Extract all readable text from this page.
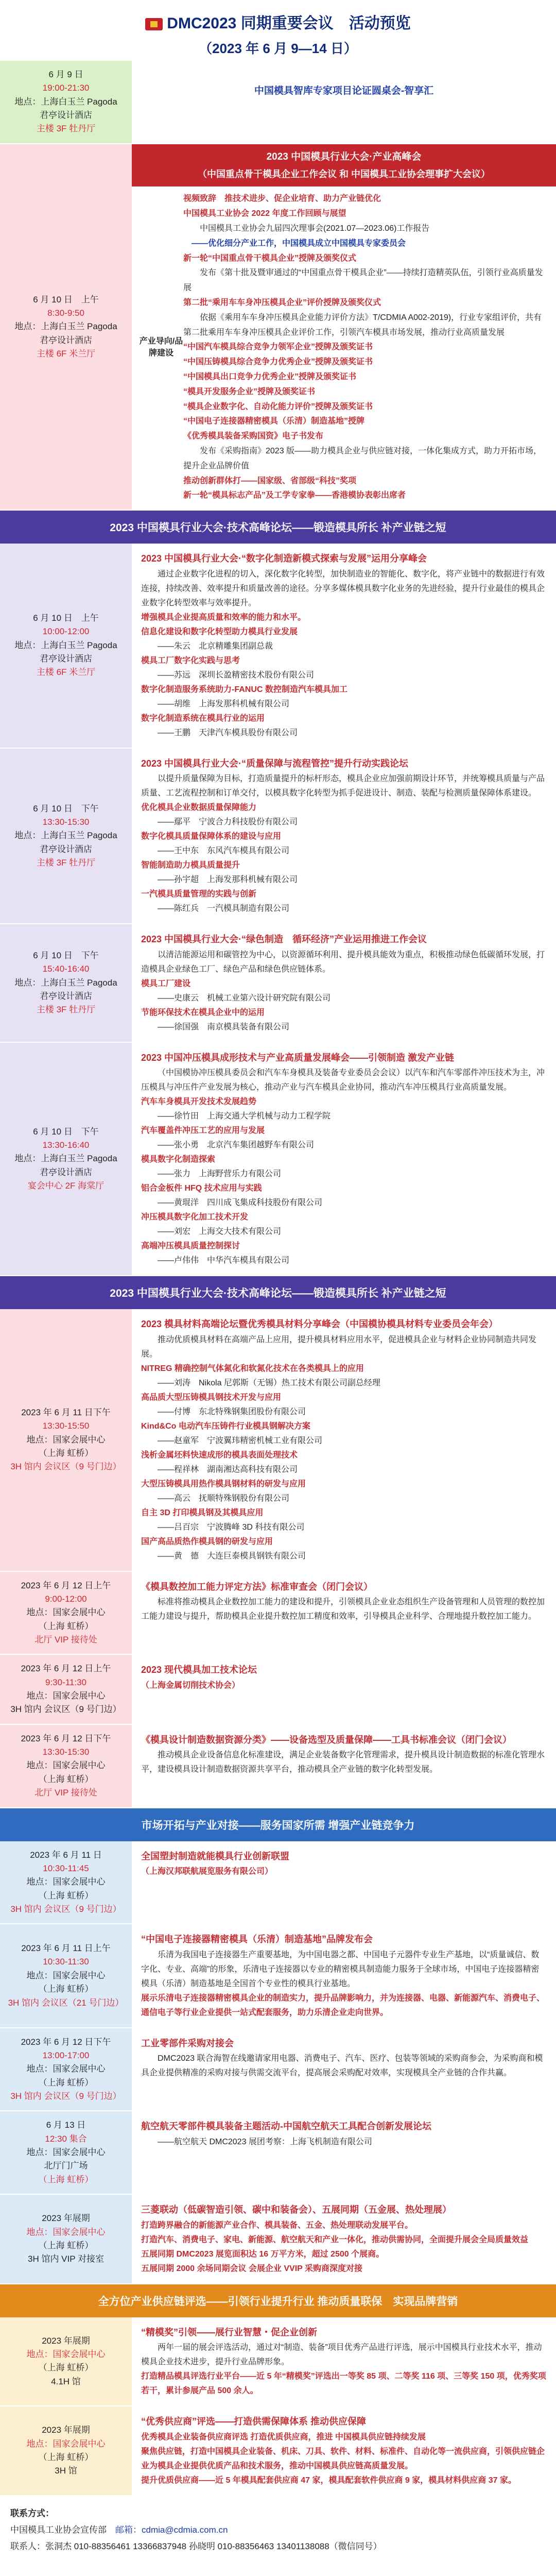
DMC2023 同期重要会议　活动预览
（2023 年 6 月 9—14 日）
6 月 9 日
19:00-21:30
地点：上海白玉兰 Pagoda
君亭设计酒店
主楼 3F 牡丹厅
中国模具智库专家项目论证圆桌会-智享汇
6 月 10 日　上午
8:30-9:50
地点：上海白玉兰 Pagoda
君亭设计酒店
主楼 6F 米兰厅
2023 中国模具行业大会·产业高峰会
（中国重点骨干模具企业工作会议 和 中国模具工业协会理事扩大会议）
产业导向/品牌建设
视频致辞　推技术进步、促企业培育、助力产业链优化
中国模具工业协会 2022 年度工作回顾与展望
中国模具工业协会九届四次理事会(2021.07—2023.06)工作报告
——优化细分产业工作，中国模具成立中国模具专家委员会
新一轮“中国重点骨干模具企业”授牌及颁奖仪式
发布《第十批及暨审通过的“中国重点骨干模具企业”——持续打造精英队伍，引领行业高质量发展
第二批“乘用车车身冲压模具企业”评价授牌及颁奖仪式
依据《乘用车车身冲压模具企业能力评价方法》T/CDMIA A002-2019)，行业专家组评价，共有第二批乘用车车身冲压模具企业评价工作，引领汽车模具市场发展，推动行业高质量发展
“中国汽车模具综合竞争力领军企业”授牌及颁奖证书
“中国压铸模具综合竞争力优秀企业”授牌及颁奖证书
“中国模具出口竞争力优秀企业”授牌及颁奖证书
“模具开发服务企业”授牌及颁奖证书
“模具企业数字化、自动化能力评价”授牌及颁奖证书
“中国电子连接器精密模具（乐清）制造基地”授牌
《优秀模具装备采购国资》电子书发布
发布《采购指南》2023 版——助力模具企业与供应链对接，一体化集成方式，助力开拓市场，提升企业品牌价值
推动创新群体打——国家级、省部级“科技”奖项
新一轮“模具标志产品”及工学专家拳——香港模协表彰出席者
2023 中国模具行业大会·技术高峰论坛——锻造模具所长 补产业链之短
6 月 10 日　上午
10:00-12:00
地点：上海白玉兰 Pagoda
君亭设计酒店
主楼 6F 米兰厅
2023 中国模具行业大会·“数字化制造新模式探索与发展”运用分享峰会
通过企业数字化进程的切入，深化数字化转型，加快制造业的智能化、数字化，将产业链中的数据进行有效连接，持续改善、效率提升和质量改善的途径。分享多媒体模具数字化业务的先进经验，提升行业最佳的模具企业数字化转型效率与效率提升。
增强模具企业提高质量和效率的能力和水平。
信息化建设和数字化转型助力模具行业发展
——朱云　北京精雕集团副总裁
模具工厂数字化实践与思考
——苏远　深圳长盈精密技术股份有限公司
数字化制造服务系统助力-FANUC 数控制造汽车模具加工
——胡维　上海发那科机械有限公司
数字化制造系统在模具行业的运用
——王鹏　天津汽车模具股份有限公司
6 月 10 日　下午
13:30-15:30
地点：上海白玉兰 Pagoda
君亭设计酒店
主楼 3F 牡丹厅
2023 中国模具行业大会·“质量保障与流程管控”提升行动实践论坛
以提升质量保障为目标，打造质量提升的标杆形态，模具企业应加强前期设计环节，并统筹模具质量与产品质量、工艺流程控制和订单交付，以模具数字化转型为抓手促进设计、制造、装配与检测质量保障体系建设。
优化模具企业数据质量保障能力
——鄢平　宁波合力科技股份有限公司
数字化模具质量保障体系的建设与应用
——王中东　东风汽车模具有限公司
智能制造助力模具质量提升
——孙宇超　上海发那科机械有限公司
一汽模具质量管理的实践与创新
——陈红兵　一汽模具制造有限公司
6 月 10 日　下午
15:40-16:40
地点：上海白玉兰 Pagoda
君亭设计酒店
主楼 3F 牡丹厅
2023 中国模具行业大会·“绿色制造　循环经济”产业运用推进工作会议
以清洁能源运用和碳管控为中心，以资源循环利用、提升模具能效为重点，积极推动绿色低碳循环发展，打造模具企业绿色工厂、绿色产品和绿色供应链体系。
模具工厂建设
——史康云　机械工业第六设计研究院有限公司
节能环保技术在模具企业中的运用
——徐国强　南京模具装备有限公司
6 月 10 日　下午
13:30-16:40
地点：上海白玉兰 Pagoda
君亭设计酒店
宴会中心 2F 海棠厅
2023 中国冲压模具成形技术与产业高质量发展峰会——引领制造 激发产业链
（中国模协冲压模具委员会和汽车车身模具及装备专业委员会会议）以汽车和汽车零部件冲压技术为主，冲压模具与冲压件产业发展为核心，推动产业与汽车模具企业协同，推动汽车冲压模具行业高质量发展。
汽车车身模具开发技术发展趋势
——徐竹田　上海交通大学机械与动力工程学院
汽车覆盖件冲压工艺的应用与发展
——张小勇　北京汽车集团越野车有限公司
模具数字化制造探索
——张力　上海野营乐力有限公司
铝合金板件 HFQ 技术应用与实践
——黄琨洋　四川成飞集成科技股份有限公司
冲压模具数字化加工技术开发
——刘宏　上海交大技术有限公司
高端冲压模具质量控制探讨
——卢伟伟　中华汽车模具有限公司
2023 中国模具行业大会·技术高峰论坛——锻造模具所长 补产业链之短
2023 年 6 月 11 日下午
13:30-15:50
地点：国家会展中心
（上海 虹桥）
3H 馆内 会议区（9 号门边）
2023 模具材料高端论坛暨优秀模具材料分享峰会（中国模协模具材料专业委员会年会）
推动优质模具材料在高端产品上应用，提升模具材料应用水平，促进模具企业与材料企业协同制造共同发展。
NITREG 精确控制气体氮化和软氮化技术在各类模具上的应用
——刘涛　Nikola 尼郭斯（无锡）热工技术有限公司副总经理
高品质大型压铸模具钢技术开发与应用
——付博　东北特殊钢集团股份有限公司
Kind&Co 电动汽车压铸件行业模具钢解决方案
——赵童军　宁波翼玮精密机械工业有限公司
浅析金属坯料快速成形的模具表面处理技术
——程祥林　湖南湘达高科技有限公司
大型压铸模具用热作模具钢材料的研发与应用
——高云　抚顺特殊钢股份有限公司
自主 3D 打印模具钢及其模具应用
——吕百宗　宁波腾峰 3D 科技有限公司
国产高品质热作模具钢的研发与应用
——黄　德　大连巨泰模具钢铁有限公司
2023 年 6 月 12 日上午
9:00-12:00
地点：国家会展中心
（上海 虹桥）
北厅 VIP 接待处
《模具数控加工能力评定方法》标准审查会（闭门会议）
标准将推动模具企业数控加工能力的建设和提升，引领模具企业业态组织生产设备管理和人员管理的数控加工能力建设与提升，帮助模具企业提升数控加工精度和效率，引导模具企业科学、合理地提升数控加工能力。
2023 年 6 月 12 日上午
9:30-11:30
地点：国家会展中心
3H 馆内 会议区（9 号门边）
2023 现代模具加工技术论坛
（上海金属切削技术协会）
2023 年 6 月 12 日下午
13:30-15:30
地点：国家会展中心
（上海 虹桥）
北厅 VIP 接待处
《模具设计制造数据资源分类》——设备选型及质量保障——工具书标准会议（闭门会议）
推动模具企业设备信息化标准建设，满足企业装备数字化管理需求，提升模具设计制造数据的标准化管理水平，建设模具设计制造数据资源共享平台，推动模具全产业链的数字化转型发展。
市场开拓与产业对接——服务国家所需 增强产业链竞争力
2023 年 6 月 11 日
10:30-11:45
地点：国家会展中心
（上海 虹桥）
3H 馆内 会议区（9 号门边）
全国塑封制造就能模具行业创新联盟
（上海汉邦联航展览服务有限公司）
2023 年 6 月 11 日上午
10:30-11:30
地点：国家会展中心
（上海 虹桥）
3H 馆内 会议区（21 号门边）
“中国电子连接器精密模具（乐清）制造基地”品牌发布会
乐清为我国电子连接器生产重要基地，为中国电器之都、中国电子元器件专业生产基地，以“质量诚信、数字化、专业、高端”的形象，乐清电子连接器以专业的精密模具制造能力服务于全球市场，中国电子连接器精密模具（乐清）制造基地是全国首个专业性的模具行业基地。
展示乐清电子连接器精密模具企业的制造实力，提升品牌影响力，并为连接器、电器、新能源汽车、消费电子、通信电子等行业企业提供一站式配套服务，助力乐清企业走向世界。
2023 年 6 月 12 日下午
13:00-17:00
地点：国家会展中心
（上海 虹桥）
3H 馆内 会议区（9 号门边）
工业零部件采购对接会
DMC2023 联合海智在线邀请家用电器、消费电子、汽车、医疗、包装等领域的采购商参会，为采购商和模具企业提供精准的采购对接与供需交流平台，提高展会采购配对效率，实现模具全产业链的合作共赢。
6 月 13 日
12:30 集合
地点：国家会展中心
北厅门广场
（上海 虹桥）
航空航天零部件模具装备主题活动-中国航空航天工具配合创新发展论坛
——航空航天 DMC2023 展团考察：上海飞机制造有限公司
2023 年展期
地点：国家会展中心
（上海 虹桥）
3H 馆内 VIP 对接室
三菱联动（低碳智造引领、碳中和装备会）、五展同期（五金展、热处理展）
打造跨界融合的新能源产业合作、模具装备、五金、热处理联动发展平台。
打造汽车、消费电子、家电、新能源、航空航天和产业一体化，推动供需协同，全面提升展会全局质量效益
五展同期 DMC2023 展览面积达 16 万平方米，超过 2500 个展商。
五展同期 2000 余场同期会议 会展企业 VVIP 采购商深度对接
全方位产业供应链评选——引领行业提升行业 推动质量联保　实现品牌营销
2023 年展期
地点：国家会展中心
（上海 虹桥）
4.1H 馆
“精模奖”引领——展行业智慧・促企业创新
两年一届的展会评选活动，通过对“制造、装备”项目优秀产品进行评选，展示中国模具行业技术水平，推动模具企业技术进步，提升行业品牌形象。
打造精品模具评选行业平台——近 5 年“精模奖”评选出一等奖 85 项、二等奖 116 项、三等奖 150 项，优秀奖项若干，累计参展产品 500 余人。
2023 年展期
地点：国家会展中心
（上海 虹桥）
3H 馆
“优秀供应商”评选——打造供需保障体系 推动供应保障
优秀模具企业装备供应商评选 打造优质供应商，推进 中国模具供应链持续发展
聚焦供应链，打造中国模具企业装备、机床、刀具、软件、材料、标准件、自动化等一流供应商，引领供应链企业为模具企业提供优质产品和技术服务，推动中国模具供应链高质量发展。
提升优质供应商——近 5 年模具配套供应商 47 家，模具配套软件供应商 9 家，模具材料供应商 37 家。
联系方式：
中国模具工业协会宣传部　 邮箱：cdmia@cdmia.com.cn
联系人：张洞杰 010-88356461 13366837948 孙晓明 010-88356463 13401138088（微信同号）
